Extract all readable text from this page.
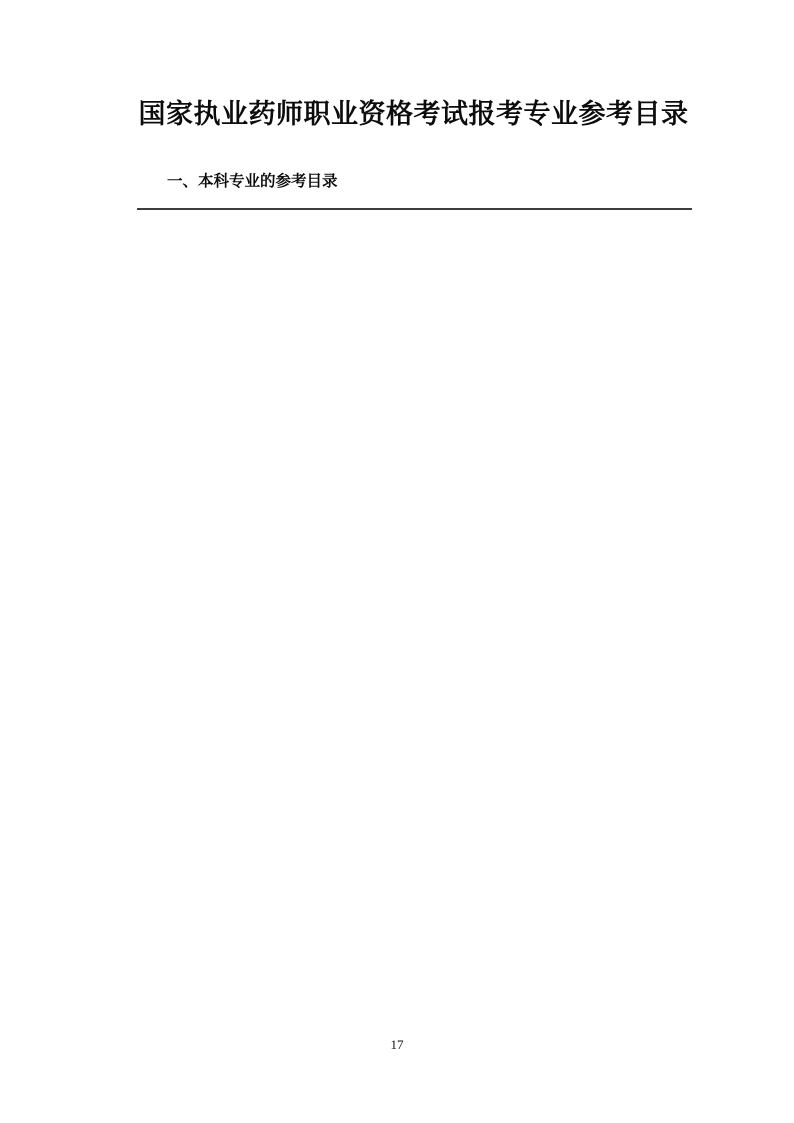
国家执业药师职业资格考试报考专业参考目录
一、本科专业的参考目录

17
